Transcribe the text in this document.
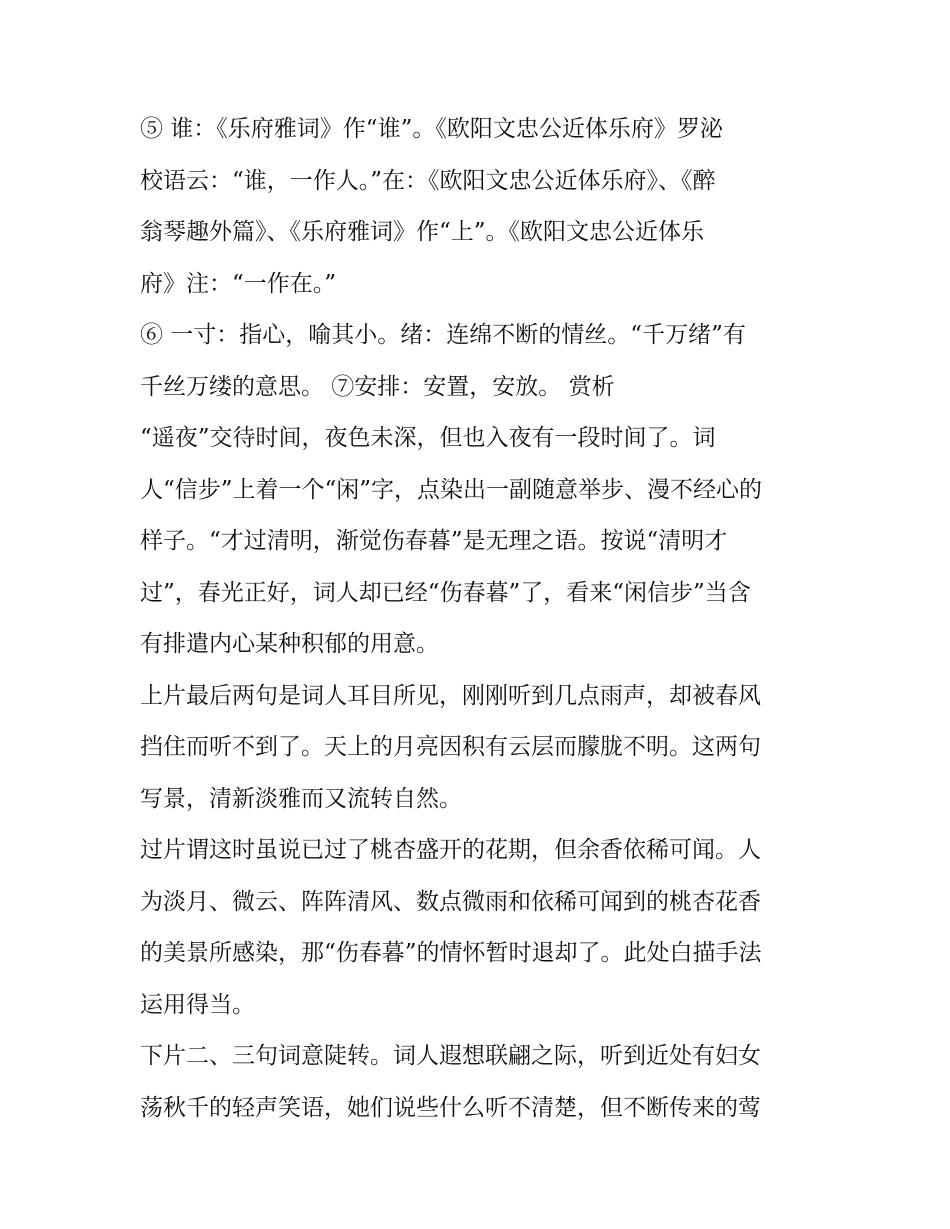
⑤ 谁：《乐府雅词》作“谁”。《欧阳文忠公近体乐府》罗泌
校语云：“谁，一作人。”在：《欧阳文忠公近体乐府》、《醉
翁琴趣外篇》、《乐府雅词》作“上”。《欧阳文忠公近体乐
府》注：“一作在。”
⑥ 一寸：指心，喻其小。绪：连绵不断的情丝。“千万绪”有
千丝万缕的意思。 ⑦安排：安置，安放。 赏析
“遥夜”交待时间，夜色未深，但也入夜有一段时间了。词
人“信步”上着一个“闲”字，点染出一副随意举步、漫不经心的
样子。“才过清明，渐觉伤春暮”是无理之语。按说“清明才
过”，春光正好，词人却已经“伤春暮”了，看来“闲信步”当含
有排遣内心某种积郁的用意。
上片最后两句是词人耳目所见，刚刚听到几点雨声，却被春风
挡住而听不到了。天上的月亮因积有云层而朦胧不明。这两句
写景，清新淡雅而又流转自然。
过片谓这时虽说已过了桃杏盛开的花期，但余香依稀可闻。人
为淡月、微云、阵阵清风、数点微雨和依稀可闻到的桃杏花香
的美景所感染，那“伤春暮”的情怀暂时退却了。此处白描手法
运用得当。
下片二、三句词意陡转。词人遐想联翩之际，听到近处有妇女
荡秋千的轻声笑语，她们说些什么听不清楚，但不断传来的莺
